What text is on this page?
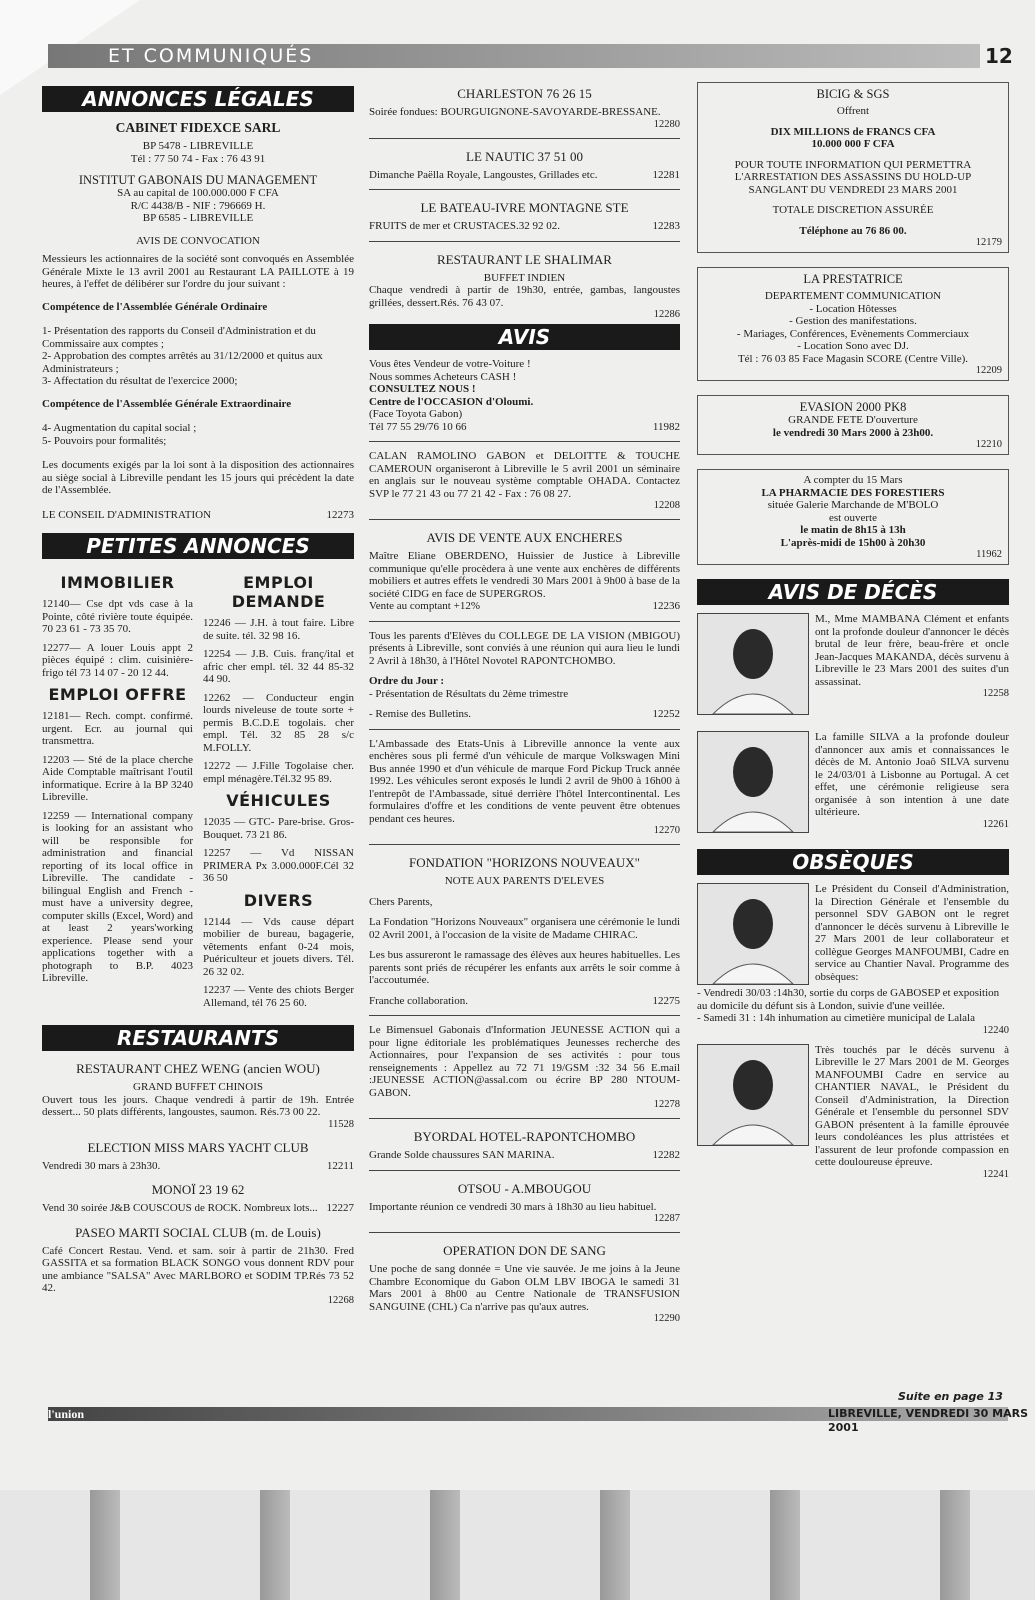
ET COMMUNIQUÉS	12
ANNONCES LÉGALES
CABINET FIDEXCE SARL
BP 5478 - LIBREVILLE
Tél : 77 50 74 - Fax : 76 43 91
INSTITUT GABONAIS DU MANAGEMENT
SA au capital de 100.000.000 F CFA
R/C 4438/B - NIF : 796669 H.
BP 6585 - LIBREVILLE
AVIS DE CONVOCATION
Messieurs les actionnaires de la société sont convoqués en Assemblée Générale Mixte le 13 avril 2001 au Restaurant LA PAILLOTE à 19 heures, à l'effet de délibérer sur l'ordre du jour suivant :
Compétence de l'Assemblée Générale Ordinaire
1- Présentation des rapports du Conseil d'Administration et du Commissaire aux comptes ;
2- Approbation des comptes arrêtés au 31/12/2000 et quitus aux Administrateurs ;
3- Affectation du résultat de l'exercice 2000;
Compétence de l'Assemblée Générale Extraordinaire
4- Augmentation du capital social ;
5- Pouvoirs pour formalités;
Les documents exigés par la loi sont à la disposition des actionnaires au siège social à Libreville pendant les 15 jours qui précèdent la date de l'Assemblée.
LE CONSEIL D'ADMINISTRATION	12273
PETITES ANNONCES
IMMOBILIER
12140— Cse dpt vds case à la Pointe, côté rivière toute équipée. 70 23 61 - 73 35 70.
12277— A louer Louis appt 2 pièces équipé : clim. cuisinière-frigo tél 73 14 07 - 20 12 44.
EMPLOI OFFRE
12181— Rech. compt. confirmé. urgent. Ecr. au journal qui transmettra.
12203 — Sté de la place cherche Aide Comptable maîtrisant l'outil informatique. Ecrire à la BP 3240 Libreville.
12259 — International company is looking for an assistant who will be responsible for administration and financial reporting of its local office in Libreville. The candidate - bilingual English and French - must have a university degree, computer skills (Excel, Word) and at least 2 years'working experience. Please send your applications together with a photograph to B.P. 4023 Libreville.
EMPLOI DEMANDE
12246 — J.H. à tout faire. Libre de suite. tél. 32 98 16.
12254 — J.B. Cuis. franç/ital et afric cher empl. tél. 32 44 85-32 44 90.
12262 — Conducteur engin lourds niveleuse de toute sorte + permis B.C.D.E togolais. cher empl. Tél. 32 85 28 s/c M.FOLLY.
12272 — J.Fille Togolaise cher. empl ménagère.Tél.32 95 89.
VÉHICULES
12035 — GTC- Pare-brise. Gros-Bouquet. 73 21 86.
12257 — Vd NISSAN PRIMERA Px 3.000.000F.Cél 32 36 50
DIVERS
12144 — Vds cause départ mobilier de bureau, bagagerie, vêtements enfant 0-24 mois, Puériculteur et jouets divers. Tél. 26 32 02.
12237 — Vente des chiots Berger Allemand, tél 76 25 60.
RESTAURANTS
RESTAURANT CHEZ WENG (ancien WOU)
GRAND BUFFET CHINOIS
Ouvert tous les jours. Chaque vendredi à partir de 19h. Entrée dessert... 50 plats différents, langoustes, saumon. Rés.73 00 22.
11528
ELECTION MISS MARS YACHT CLUB
Vendredi 30 mars à 23h30.	12211
MONOÏ 23 19 62
Vend 30 soirée J&B COUSCOUS de ROCK. Nombreux lots... 12227
PASEO MARTI SOCIAL CLUB (m. de Louis)
Café Concert Restau. Vend. et sam. soir à partir de 21h30. Fred GASSITA et sa formation BLACK SONGO vous donnent RDV pour une ambiance "SALSA" Avec MARLBORO et SODIM TP.Rés 73 52 42.
12268
CHARLESTON 76 26 15
Soirée fondues: BOURGUIGNONE-SAVOYARDE-BRESSANE.
12280
LE NAUTIC 37 51 00
Dimanche Paëlla Royale, Langoustes, Grillades etc.	12281
LE BATEAU-IVRE MONTAGNE STE
FRUITS de mer et CRUSTACES.32 92 02.	12283
RESTAURANT LE SHALIMAR
BUFFET INDIEN
Chaque vendredi à partir de 19h30, entrée, gambas, langoustes grillées, dessert.Rés. 76 43 07.
12286
AVIS
Vous êtes Vendeur de votre-Voiture !
Nous sommes Acheteurs CASH !
CONSULTEZ NOUS !
Centre de l'OCCASION d'Oloumi.
(Face Toyota Gabon)
Tél 77 55 29/76 10 66	11982
CALAN RAMOLINO GABON et DELOITTE & TOUCHE CAMEROUN organiseront à Libreville le 5 avril 2001 un séminaire en anglais sur le nouveau système comptable OHADA. Contactez SVP le 77 21 43 ou 77 21 42 - Fax : 76 08 27.
12208
AVIS DE VENTE AUX ENCHERES
Maître Eliane OBERDENO, Huissier de Justice à Libreville communique qu'elle procèdera à une vente aux enchères de différents mobiliers et autres effets le vendredi 30 Mars 2001 à 9h00 à base de la société CIDG en face de SUPERGROS.
Vente au comptant +12%	12236
Tous les parents d'Elèves du COLLEGE DE LA VISION (MBIGOU) présents à Libreville, sont conviés à une réunion qui aura lieu le lundi 2 Avril à 18h30, à l'Hôtel Novotel RAPONTCHOMBO.
Ordre du Jour :
- Présentation de Résultats du 2ème trimestre
- Remise des Bulletins.	12252
L'Ambassade des Etats-Unis à Libreville annonce la vente aux enchères sous pli fermé d'un véhicule de marque Volkswagen Mini Bus année 1990 et d'un véhicule de marque Ford Pickup Truck année 1992. Les véhicules seront exposés le lundi 2 avril de 9h00 à 16h00 à l'entrepôt de l'Ambassade, situé derrière l'hôtel Intercontinental. Les formulaires d'offre et les conditions de vente peuvent être obtenues pendant ces heures.
12270
FONDATION "HORIZONS NOUVEAUX"
NOTE AUX PARENTS D'ELEVES
Chers Parents,
La Fondation "Horizons Nouveaux" organisera une cérémonie le lundi 02 Avril 2001, à l'occasion de la visite de Madame CHIRAC.
Les bus assureront le ramassage des élèves aux heures habituelles. Les parents sont priés de récupérer les enfants aux arrêts le soir comme à l'accoutumée.
Franche collaboration.	12275
Le Bimensuel Gabonais d'Information JEUNESSE ACTION qui a pour ligne éditoriale les problématiques Jeunesses recherche des Actionnaires, pour l'expansion de ses activités : pour tous renseignements : Appellez au 72 71 19/GSM :32 34 56 E.mail :JEUNESSE ACTION@assal.com ou écrire BP 280 NTOUM-GABON.
12278
BYORDAL HOTEL-RAPONTCHOMBO
Grande Solde chaussures SAN MARINA.	12282
OTSOU - A.MBOUGOU
Importante réunion ce vendredi 30 mars à 18h30 au lieu habituel.
12287
OPERATION DON DE SANG
Une poche de sang donnée = Une vie sauvée. Je me joins à la Jeune Chambre Economique du Gabon OLM LBV IBOGA le samedi 31 Mars 2001 à 8h00 au Centre Nationale de TRANSFUSION SANGUINE (CHL) Ca n'arrive pas qu'aux autres.
12290
BICIG & SGS
Offrent
DIX MILLIONS de FRANCS CFA
10.000 000 F CFA
POUR TOUTE INFORMATION QUI PERMETTRA L'ARRESTATION DES ASSASSINS DU HOLD-UP SANGLANT DU VENDREDI 23 MARS 2001
TOTALE DISCRETION ASSURÉE
Téléphone au 76 86 00.
12179
LA PRESTATRICE
DEPARTEMENT COMMUNICATION
- Location Hôtesses
- Gestion des manifestations.
- Mariages, Conférences, Evènements Commerciaux
- Location Sono avec DJ.
Tél : 76 03 85 Face Magasin SCORE (Centre Ville).
12209
EVASION 2000 PK8
GRANDE FETE D'ouverture
le vendredi 30 Mars 2000 à 23h00.
12210
A compter du 15 Mars
LA PHARMACIE DES FORESTIERS
située Galerie Marchande de M'BOLO
est ouverte
le matin de 8h15 à 13h
L'après-midi de 15h00 à 20h30
11962
AVIS DE DÉCÈS
M., Mme MAMBANA Clément et enfants ont la profonde douleur d'annoncer le décès brutal de leur frère, beau-frère et oncle Jean-Jacques MAKANDA, décès survenu à Libreville le 23 Mars 2001 des suites d'un assassinat.
12258
La famille SILVA a la profonde douleur d'annoncer aux amis et connaissances le décès de M. Antonio Joaô SILVA survenu le 24/03/01 à Lisbonne au Portugal. A cet effet, une cérémonie religieuse sera organisée à son intention à une date ultérieure.
12261
OBSÈQUES
Le Président du Conseil d'Administration, la Direction Générale et l'ensemble du personnel SDV GABON ont le regret d'annoncer le décès survenu à Libreville le 27 Mars 2001 de leur collaborateur et collègue Georges MANFOUMBI, Cadre en service au Chantier Naval. Programme des obsèques:
- Vendredi 30/03 :14h30, sortie du corps de GABOSEP et exposition au domicile du défunt sis à London, suivie d'une veillée.
- Samedi 31 : 14h inhumation au cimetière municipal de Lalala
12240
Très touchés par le décès survenu à Libreville le 27 Mars 2001 de M. Georges MANFOUMBI Cadre en service au CHANTIER NAVAL, le Président du Conseil d'Administration, la Direction Générale et l'ensemble du personnel SDV GABON présentent à la famille éprouvée leurs condoléances les plus attristées et l'assurent de leur profonde compassion en cette douloureuse épreuve.
12241
Suite en page 13
l'union	LIBREVILLE, VENDREDI 30 MARS 2001
